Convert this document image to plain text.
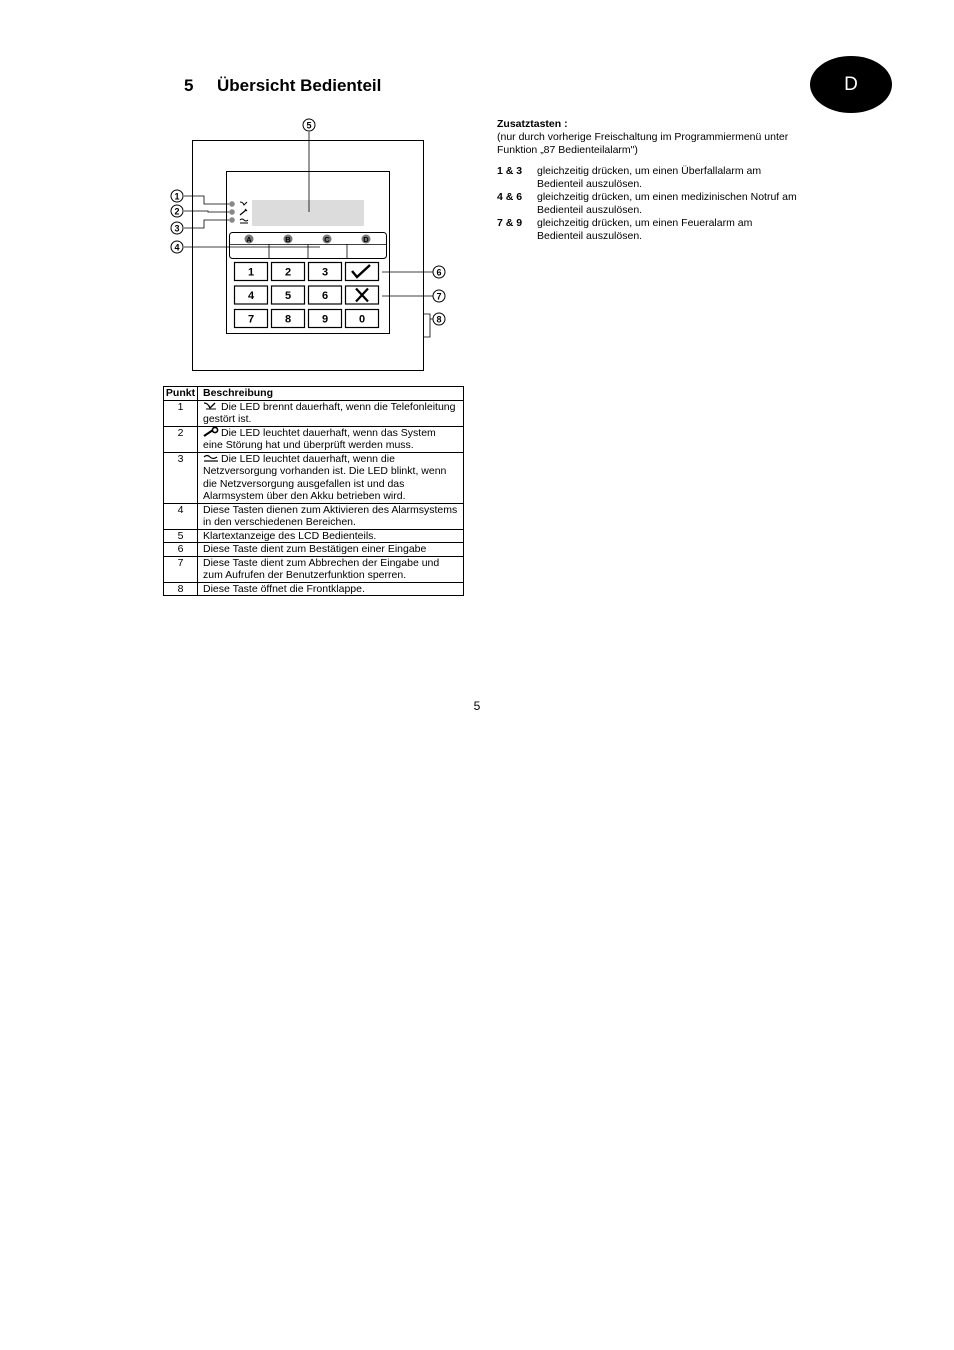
5 Übersicht Bedienteil	D
1
2
3
4
5
6
7
8
A	B	C	D
1	2	3
4	5	6
7	8	9	0
Punkt	Beschreibung
1	Die LED brennt dauerhaft, wenn die Telefonleitung gestört ist.
2	Die LED leuchtet dauerhaft, wenn das System eine Störung hat und überprüft werden muss.
3	Die LED leuchtet dauerhaft, wenn die Netzversorgung vorhanden ist. Die LED blinkt, wenn die Netzversorgung ausgefallen ist und das Alarmsystem über den Akku betrieben wird.
4	Diese Tasten dienen zum Aktivieren des Alarmsystems in den verschiedenen Bereichen.
5	Klartextanzeige des LCD Bedienteils.
6	Diese Taste dient zum Bestätigen einer Eingabe
7	Diese Taste dient zum Abbrechen der Eingabe und zum Aufrufen der Benutzerfunktion sperren.
8	Diese Taste öffnet die Frontklappe.
Zusatztasten :
(nur durch vorherige Freischaltung im Programmiermenü unter Funktion „87 Bedienteilalarm")
1 & 3	gleichzeitig drücken, um einen Überfallalarm am Bedienteil auszulösen.
4 & 6	gleichzeitig drücken, um einen medizinischen Notruf am Bedienteil auszulösen.
7 & 9	gleichzeitig drücken, um einen Feueralarm am Bedienteil auszulösen.
5
